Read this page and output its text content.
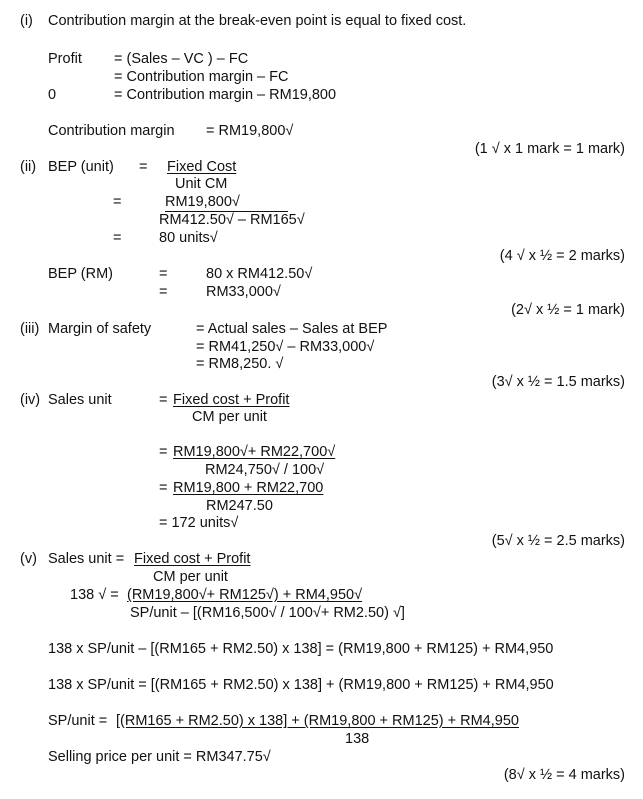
(i) Contribution margin at the break-even point is equal to fixed cost.
Profit = (Sales – VC ) – FC
= Contribution margin – FC
0	= Contribution margin – RM19,800
Contribution margin = RM19,800√
(1 √ x 1 mark = 1 mark)
(ii) BEP (unit) = Fixed Cost
Unit CM
=	RM19,800√
RM412.50√ – RM165√
=	80 units√
(4 √ x ½ = 2 marks)
BEP (RM)	=	80 x RM412.50√
=	RM33,000√
(2√ x ½ = 1 mark)
(iii) Margin of safety	= Actual sales – Sales at BEP
= RM41,250√ – RM33,000√
= RM8,250. √
(3√ x ½ = 1.5 marks)
(iv) Sales unit	= Fixed cost + Profit
CM per unit
= RM19,800√+ RM22,700√
RM24,750√ / 100√
= RM19,800 + RM22,700
RM247.50
= 172 units√
(5√ x ½ = 2.5 marks)
(v) Sales unit = Fixed cost + Profit
CM per unit
138 √ = (RM19,800√+ RM125√) + RM4,950√
SP/unit – [(RM16,500√ / 100√+ RM2.50) √]
138 x SP/unit – [(RM165 + RM2.50) x 138] = (RM19,800 + RM125) + RM4,950
138 x SP/unit = [(RM165 + RM2.50) x 138] + (RM19,800 + RM125) + RM4,950
SP/unit = [(RM165 + RM2.50) x 138] + (RM19,800 + RM125) + RM4,950
138
Selling price per unit = RM347.75√
(8√ x ½ = 4 marks)
